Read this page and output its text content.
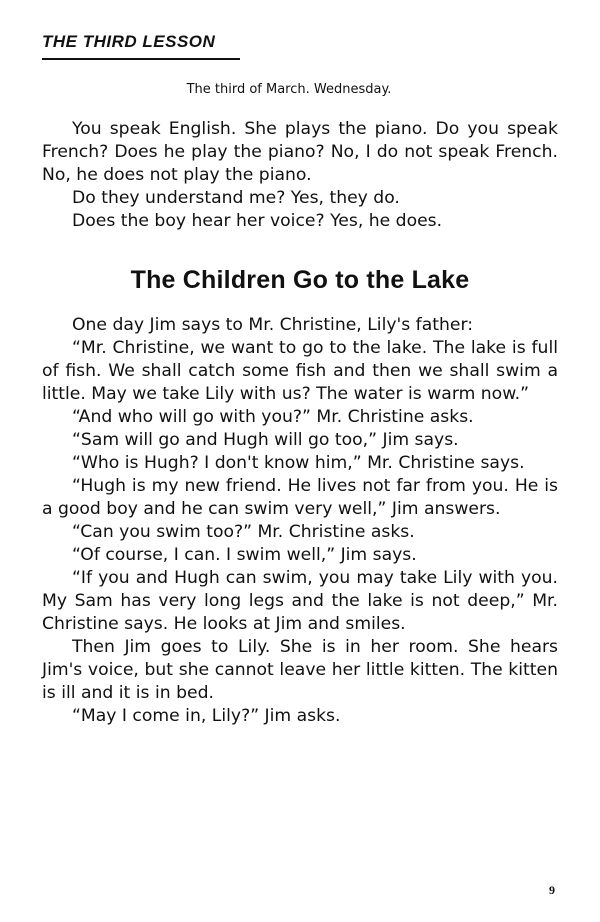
THE THIRD LESSON
The third of March. Wednesday.

You speak English. She plays the piano. Do you speak French? Does he play the piano? No, I do not speak French. No, he does not play the piano.

Do they understand me? Yes, they do.

Does the boy hear her voice? Yes, he does.

The Children Go to the Lake

One day Jim says to Mr. Christine, Lily's father:

“Mr. Christine, we want to go to the lake. The lake is full of fish. We shall catch some fish and then we shall swim a little. May we take Lily with us? The water is warm now.”

“And who will go with you?” Mr. Christine asks.

“Sam will go and Hugh will go too,” Jim says.

“Who is Hugh? I don't know him,” Mr. Christine says.

“Hugh is my new friend. He lives not far from you. He is a good boy and he can swim very well,” Jim answers.

“Can you swim too?” Mr. Christine asks.

“Of course, I can. I swim well,” Jim says.

“If you and Hugh can swim, you may take Lily with you. My Sam has very long legs and the lake is not deep,” Mr. Christine says. He looks at Jim and smiles.

Then Jim goes to Lily. She is in her room. She hears Jim's voice, but she cannot leave her little kitten. The kitten is ill and it is in bed.

“May I come in, Lily?” Jim asks.

9
